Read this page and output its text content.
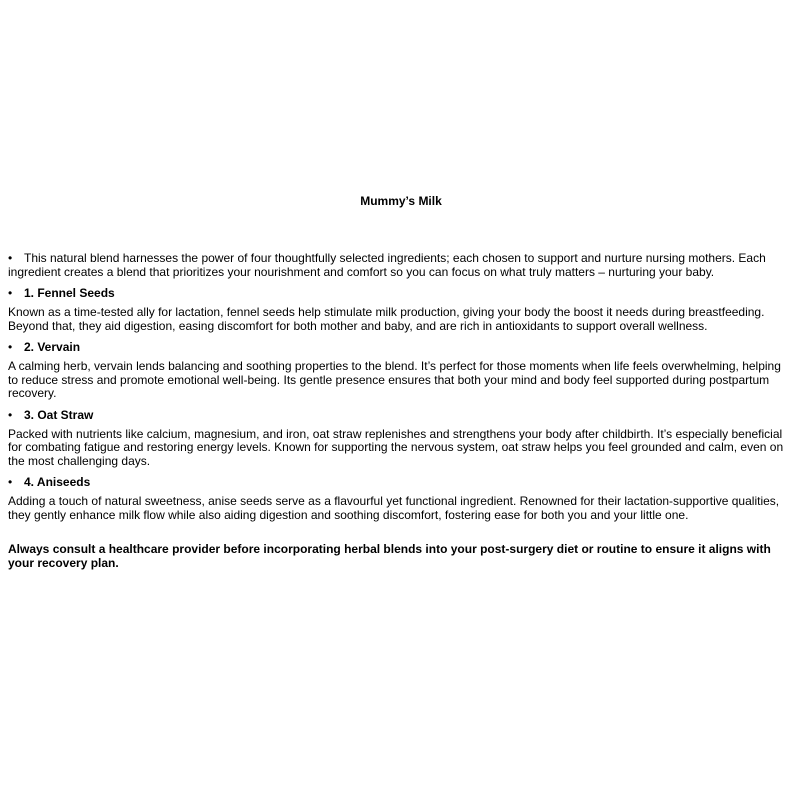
Mummy’s Milk

• This natural blend harnesses the power of four thoughtfully selected ingredients; each chosen to support and nurture nursing mothers. Each ingredient creates a blend that prioritizes your nourishment and comfort so you can focus on what truly matters – nurturing your baby.

• 1. Fennel Seeds

Known as a time-tested ally for lactation, fennel seeds help stimulate milk production, giving your body the boost it needs during breastfeeding. Beyond that, they aid digestion, easing discomfort for both mother and baby, and are rich in antioxidants to support overall wellness.

• 2. Vervain

A calming herb, vervain lends balancing and soothing properties to the blend. It’s perfect for those moments when life feels overwhelming, helping to reduce stress and promote emotional well-being. Its gentle presence ensures that both your mind and body feel supported during postpartum recovery.

• 3. Oat Straw

Packed with nutrients like calcium, magnesium, and iron, oat straw replenishes and strengthens your body after childbirth. It’s especially beneficial for combating fatigue and restoring energy levels. Known for supporting the nervous system, oat straw helps you feel grounded and calm, even on the most challenging days.

• 4. Aniseeds

Adding a touch of natural sweetness, anise seeds serve as a flavourful yet functional ingredient. Renowned for their lactation-supportive qualities, they gently enhance milk flow while also aiding digestion and soothing discomfort, fostering ease for both you and your little one.

Always consult a healthcare provider before incorporating herbal blends into your post-surgery diet or routine to ensure it aligns with your recovery plan.
